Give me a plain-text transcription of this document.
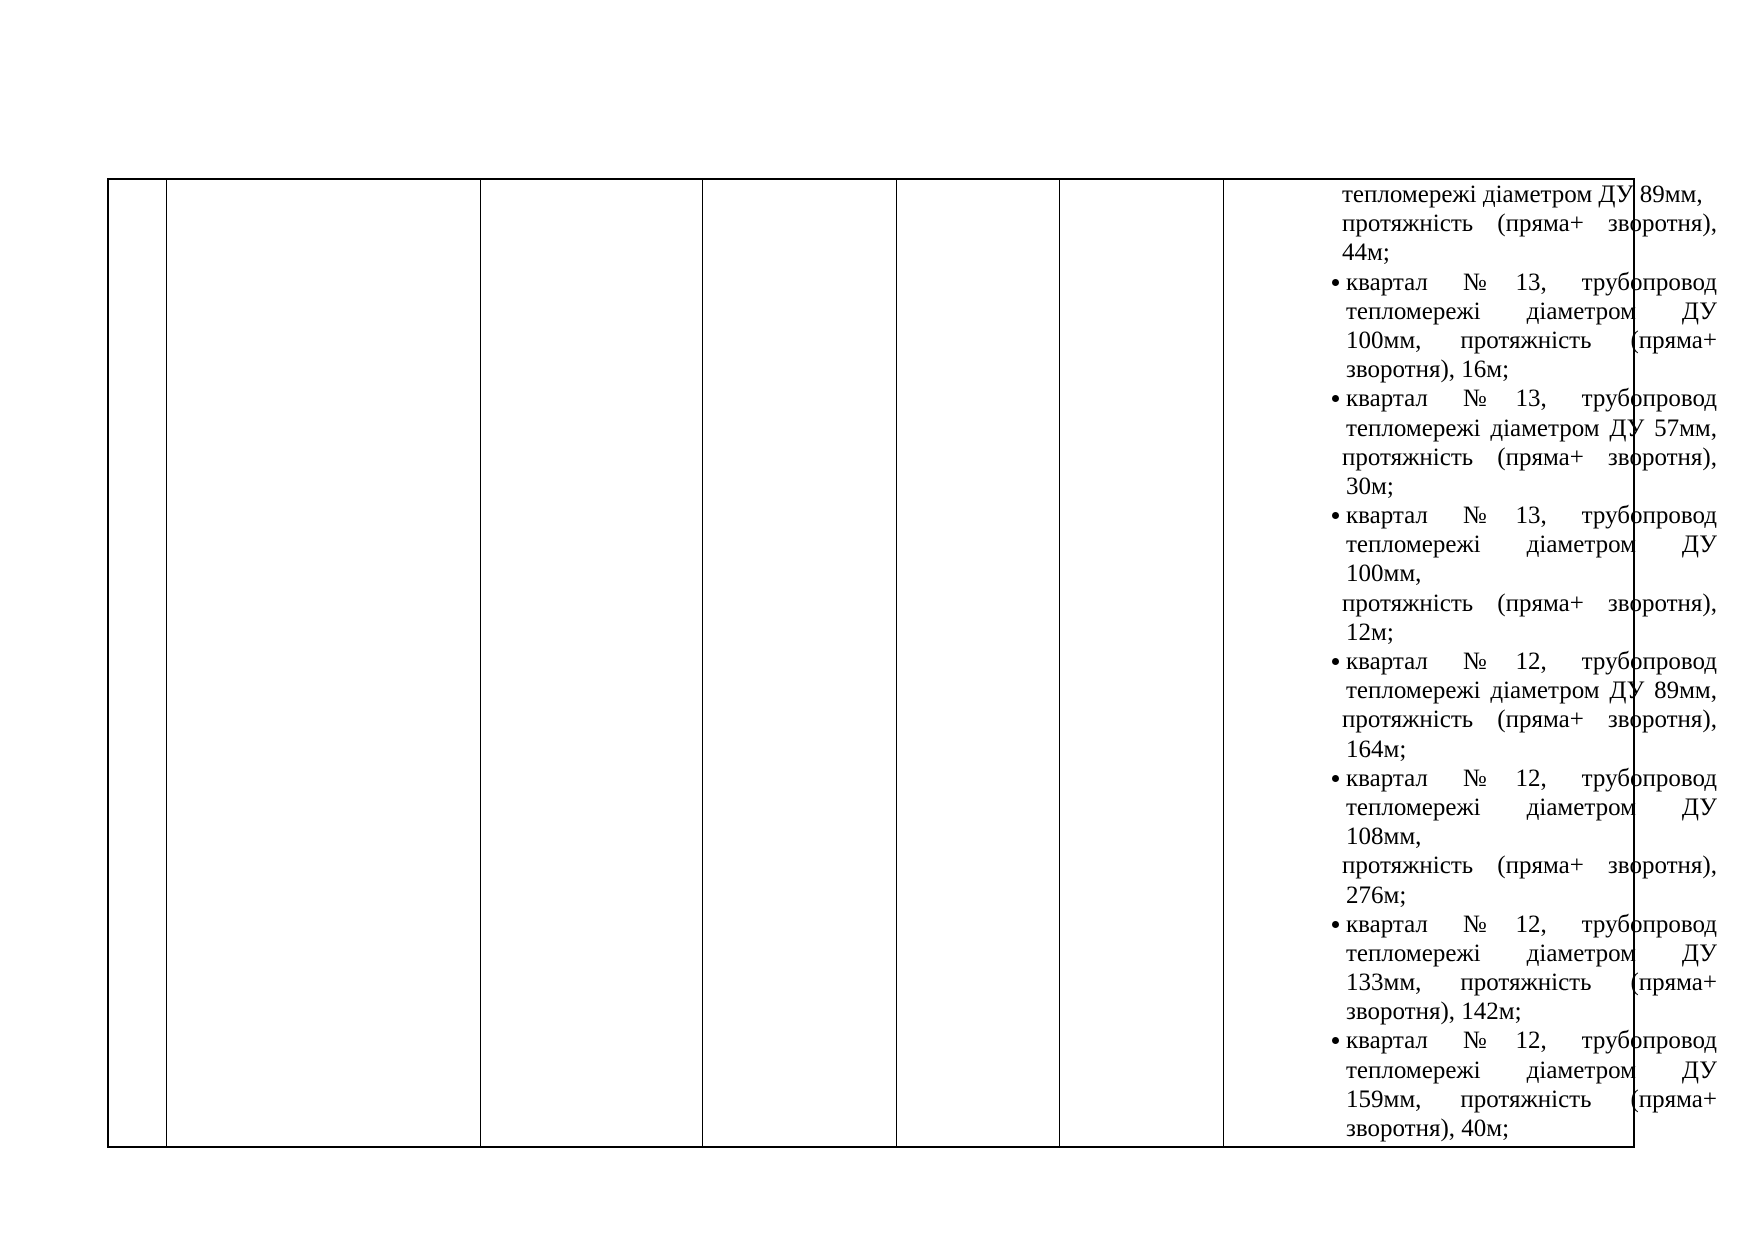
тепломережі діаметром ДУ 89мм,
протяжність (пряма+ зворотня),
44м;
квартал №13, трубопровод
тепломережі діаметром ДУ
100мм, протяжність (пряма+
зворотня), 16м;
квартал №13, трубопровод
тепломережі діаметром ДУ 57мм,
протяжність (пряма+ зворотня),
30м;
квартал №13, трубопровод
тепломережі діаметром ДУ
100мм,
протяжність (пряма+ зворотня),
12м;
квартал №12, трубопровод
тепломережі діаметром ДУ 89мм,
протяжність (пряма+ зворотня),
164м;
квартал №12, трубопровод
тепломережі діаметром ДУ
108мм,
протяжність (пряма+ зворотня),
276м;
квартал №12, трубопровод
тепломережі діаметром ДУ
133мм, протяжність (пряма+
зворотня), 142м;
квартал №12, трубопровод
тепломережі діаметром ДУ
159мм, протяжність (пряма+
зворотня), 40м;
